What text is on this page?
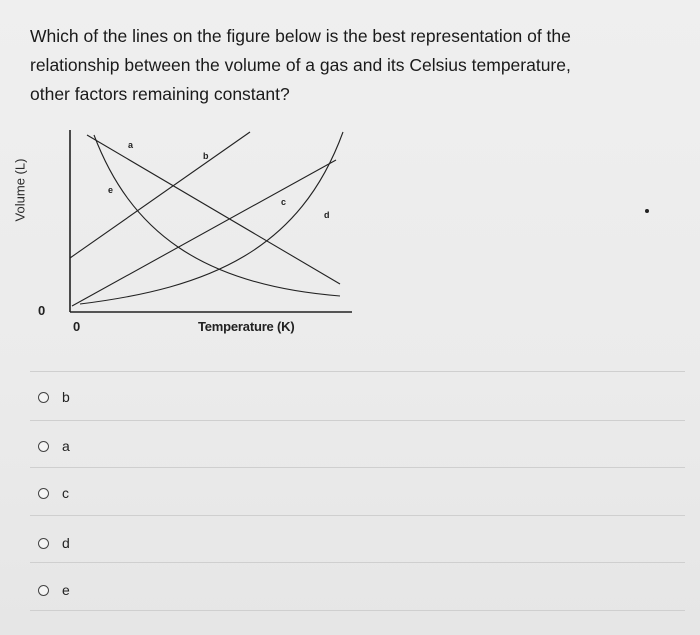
Which of the lines on the figure below is the best representation of the
relationship between the volume of a gas and its Celsius temperature,
other factors remaining constant?
Volume (L)
0
0	Temperature (K)
a
b
e
c
d
b
a
c
d
e
